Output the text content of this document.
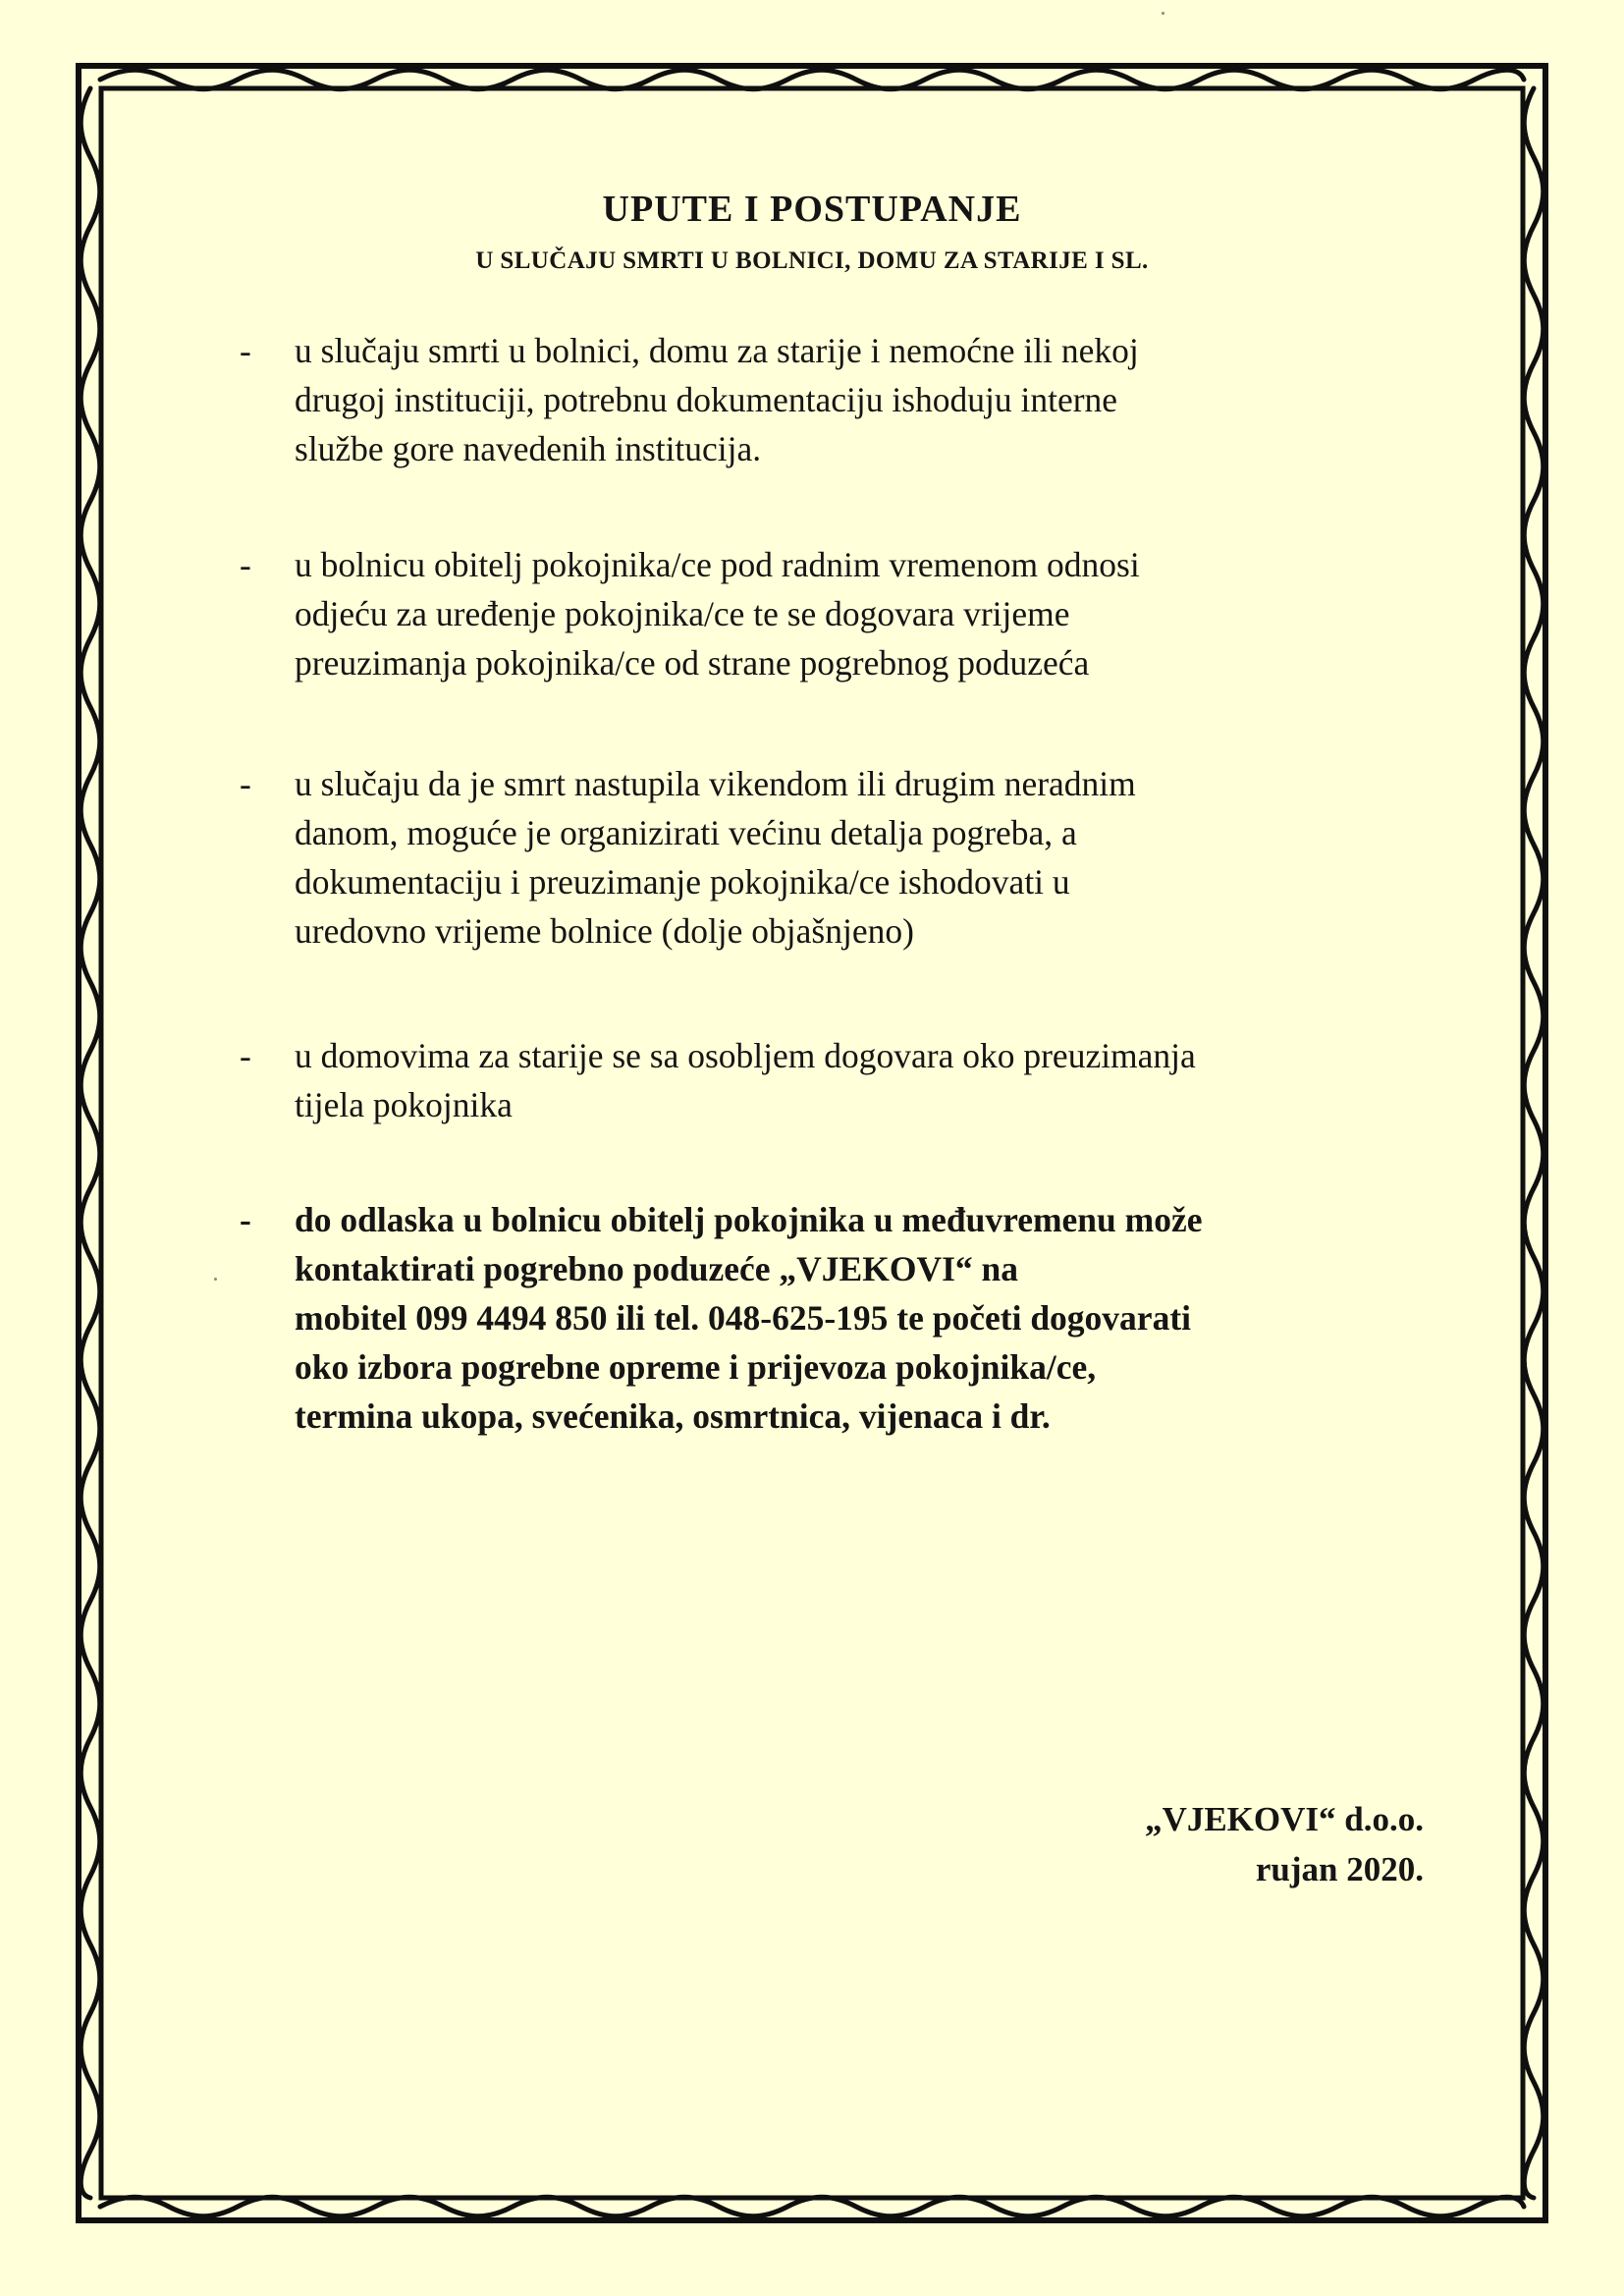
UPUTE I POSTUPANJE
U SLUČAJU SMRTI U BOLNICI, DOMU ZA STARIJE I SL.
-	u slučaju smrti u bolnici, domu za starije i nemoćne ili nekoj
drugoj instituciji, potrebnu dokumentaciju ishoduju interne
službe gore navedenih institucija.

-	u bolnicu obitelj pokojnika/ce pod radnim vremenom odnosi
odjeću za uređenje pokojnika/ce te se dogovara vrijeme
preuzimanja pokojnika/ce od strane pogrebnog poduzeća

-	u slučaju da je smrt nastupila vikendom ili drugim neradnim
danom, moguće je organizirati većinu detalja pogreba, a
dokumentaciju i preuzimanje pokojnika/ce ishodovati u
uredovno vrijeme bolnice (dolje objašnjeno)

-	u domovima za starije se sa osobljem dogovara oko preuzimanja
tijela pokojnika

-	do odlaska u bolnicu obitelj pokojnika u međuvremenu može
kontaktirati pogrebno poduzeće „VJEKOVI“ na
mobitel 099 4494 850 ili tel. 048-625-195 te početi dogovarati
oko izbora pogrebne opreme i prijevoza pokojnika/ce,
termina ukopa, svećenika, osmrtnica, vijenaca i dr.

„VJEKOVI“ d.o.o.
rujan 2020.
